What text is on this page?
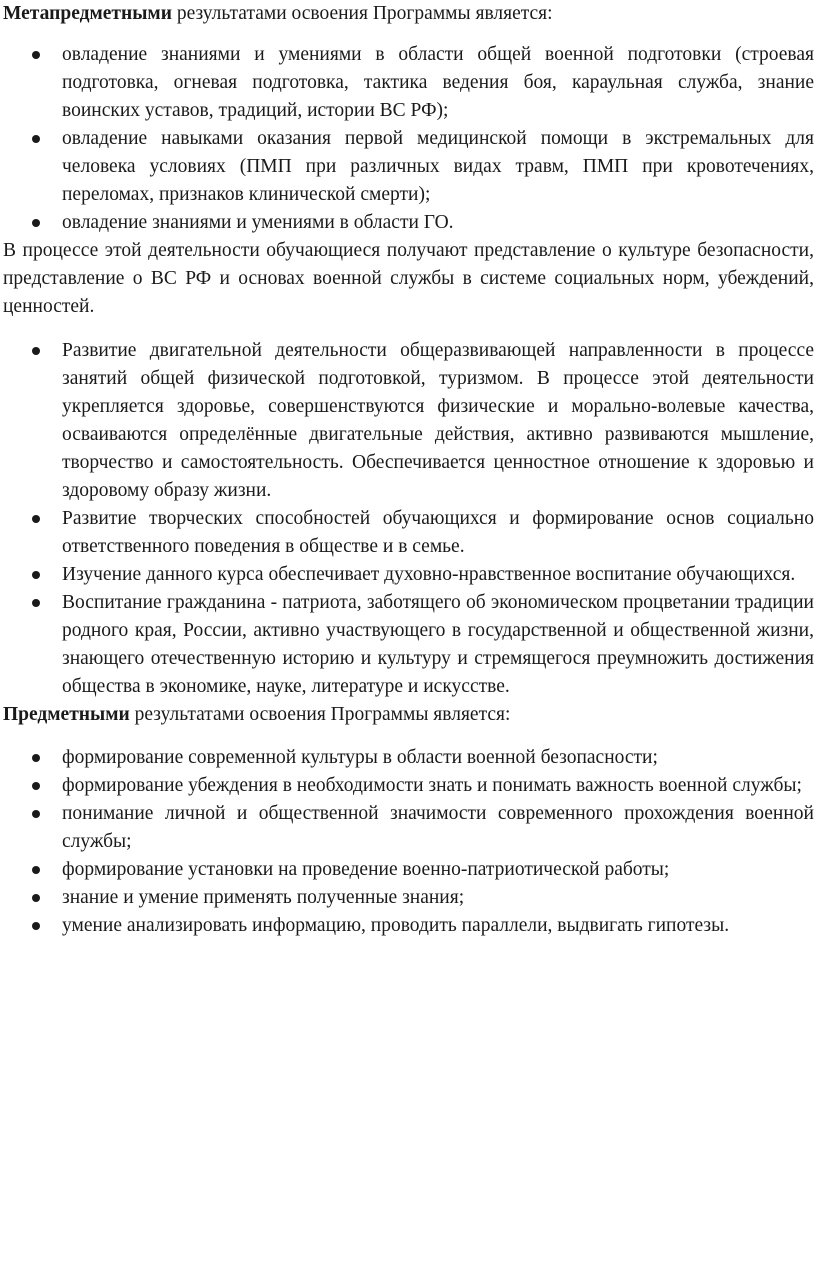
Метапредметными результатами освоения Программы является:

овладение знаниями и умениями в области общей военной подготовки (строевая подготовка, огневая подготовка, тактика ведения боя, караульная служба, знание воинских уставов, традиций, истории ВС РФ);
овладение навыками оказания первой медицинской помощи в экстремальных для человека условиях (ПМП при различных видах травм, ПМП при кровотечениях, переломах, признаков клинической смерти);
овладение знаниями и умениями в области ГО.

В процессе этой деятельности обучающиеся получают представление о культуре безопасности, представление о ВС РФ и основах военной службы в системе социальных норм, убеждений, ценностей.

Развитие двигательной деятельности общеразвивающей направленности в процессе занятий общей физической подготовкой, туризмом. В процессе этой деятельности укрепляется здоровье, совершенствуются физические и морально-волевые качества, осваиваются определённые двигательные действия, активно развиваются мышление, творчество и самостоятельность. Обеспечивается ценностное отношение к здоровью и здоровому образу жизни.
Развитие творческих способностей обучающихся и формирование основ социально ответственного поведения в обществе и в семье.
Изучение данного курса обеспечивает духовно-нравственное воспитание обучающихся.
Воспитание гражданина - патриота, заботящего об экономическом процветании традиции родного края, России, активно участвующего в государственной и общественной жизни, знающего отечественную историю и культуру и стремящегося преумножить достижения общества в экономике, науке, литературе и искусстве.

Предметными результатами освоения Программы является:

формирование современной культуры в области военной безопасности;
формирование убеждения в необходимости знать и понимать важность военной службы;
понимание личной и общественной значимости современного прохождения военной службы;
формирование установки на проведение военно-патриотической работы;
знание и умение применять полученные знания;
умение анализировать информацию, проводить параллели, выдвигать гипотезы.
